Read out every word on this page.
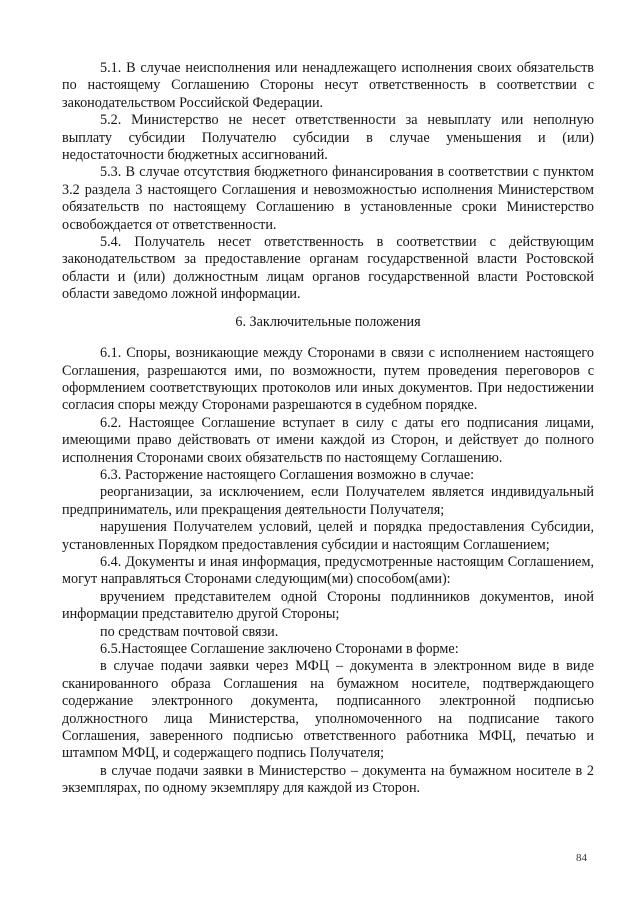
5.1. В случае неисполнения или ненадлежащего исполнения своих обязательств по настоящему Соглашению Стороны несут ответственность в соответствии с законодательством Российской Федерации.

5.2. Министерство не несет ответственности за невыплату или неполную выплату субсидии Получателю субсидии в случае уменьшения и (или) недостаточности бюджетных ассигнований.

5.3. В случае отсутствия бюджетного финансирования в соответствии с пунктом 3.2 раздела 3 настоящего Соглашения и невозможностью исполнения Министерством обязательств по настоящему Соглашению в установленные сроки Министерство освобождается от ответственности.

5.4. Получатель несет ответственность в соответствии с действующим законодательством за предоставление органам государственной власти Ростовской области и (или) должностным лицам органов государственной власти Ростовской области заведомо ложной информации.

6. Заключительные положения

6.1. Споры, возникающие между Сторонами в связи с исполнением настоящего Соглашения, разрешаются ими, по возможности, путем проведения переговоров с оформлением соответствующих протоколов или иных документов. При недостижении согласия споры между Сторонами разрешаются в судебном порядке.

6.2. Настоящее Соглашение вступает в силу с даты его подписания лицами, имеющими право действовать от имени каждой из Сторон, и действует до полного исполнения Сторонами своих обязательств по настоящему Соглашению.

6.3. Расторжение настоящего Соглашения возможно в случае:

реорганизации, за исключением, если Получателем является индивидуальный предприниматель, или прекращения деятельности Получателя;

нарушения Получателем условий, целей и порядка предоставления Субсидии, установленных Порядком предоставления субсидии и настоящим Соглашением;

6.4. Документы и иная информация, предусмотренные настоящим Соглашением, могут направляться Сторонами следующим(ми) способом(ами):

вручением представителем одной Стороны подлинников документов, иной информации представителю другой Стороны;

по средствам почтовой связи.

6.5.Настоящее Соглашение заключено Сторонами в форме:

в случае подачи заявки через МФЦ – документа в электронном виде в виде сканированного образа Соглашения на бумажном носителе, подтверждающего содержание электронного документа, подписанного электронной подписью должностного лица Министерства, уполномоченного на подписание такого Соглашения, заверенного подписью ответственного работника МФЦ, печатью и штампом МФЦ, и содержащего подпись Получателя;

в случае подачи заявки в Министерство – документа на бумажном носителе в 2 экземплярах, по одному экземпляру для каждой из Сторон.

84
